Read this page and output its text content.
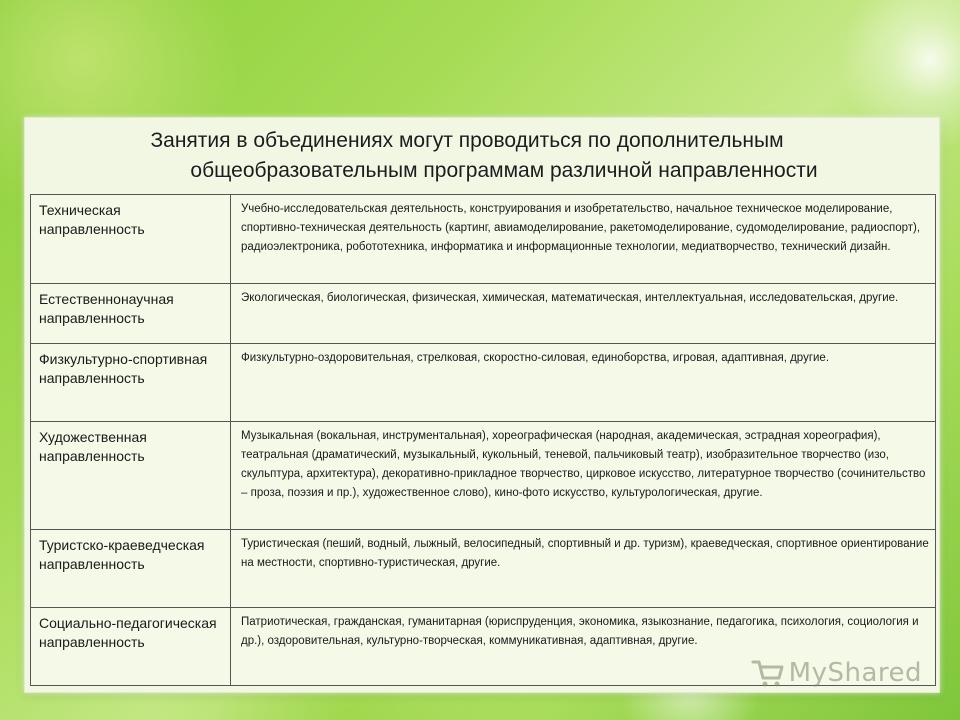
Занятия в объединениях могут проводиться по дополнительным
общеобразовательным программам различной направленности
Техническая направленность	Учебно-исследовательская деятельность, конструирования и изобретательство, начальное техническое моделирование, спортивно-техническая деятельность (картинг, авиамоделирование, ракетомоделирование, судомоделирование, радиоспорт), радиоэлектроника, робототехника, информатика и информационные технологии, медиатворчество, технический дизайн.
Естественнонаучная направленность	Экологическая, биологическая, физическая, химическая, математическая, интеллектуальная, исследовательская, другие.
Физкультурно-спортивная направленность	Физкультурно-оздоровительная, стрелковая, скоростно-силовая, единоборства, игровая, адаптивная, другие.
Художественная направленность	Музыкальная (вокальная, инструментальная), хореографическая (народная, академическая, эстрадная хореография), театральная (драматический, музыкальный, кукольный, теневой, пальчиковый театр), изобразительное творчество (изо, скульптура, архитектура), декоративно-прикладное творчество, цирковое искусство, литературное творчество (сочинительство – проза, поэзия и пр.), художественное слово), кино-фото искусство, культурологическая, другие.
Туристско-краеведческая направленность	Туристическая (пеший, водный, лыжный, велосипедный, спортивный и др. туризм), краеведческая, спортивное ориентирование на местности, спортивно-туристическая, другие.
Социально-педагогическая направленность	Патриотическая, гражданская, гуманитарная (юриспруденция, экономика, языкознание, педагогика, психология, социология и др.), оздоровительная, культурно-творческая, коммуникативная, адаптивная, другие.
MyShared
